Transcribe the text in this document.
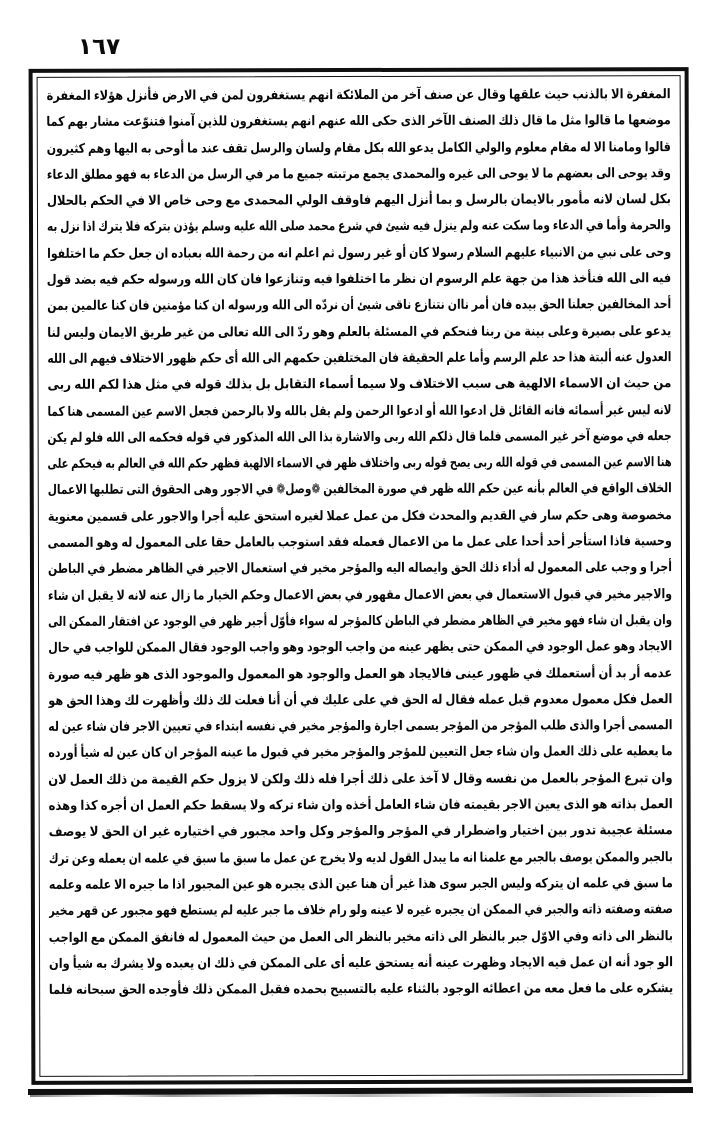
١٦٧
المغفرة الا بالذنب حيث علقها وقال عن صنف آخر من الملائكة انهم يستغفرون لمن في الارض فأنزل هؤلاء المغفرة
موضعها ما قالوا مثل ما قال ذلك الصنف الآخر الذى حكى الله عنهم انهم يستغفرون للذين آمنوا فتنوّعت مشار بهم كما
قالوا ومامنا الا له مقام معلوم والولي الكامل يدعو الله بكل مقام ولسان والرسل تقف عند ما أوحى به اليها وهم كثيرون
وقد يوحى الى بعضهم ما لا يوحى الى غيره والمحمدى يجمع مرتبته جميع ما مر في الرسل من الدعاء به فهو مطلق الدعاء
بكل لسان لانه مأمور بالايمان بالرسل و بما أنزل اليهم فاوقف الولي المحمدى مع وحى خاص الا في الحكم بالحلال
والحرمة وأما في الدعاء وما سكت عنه ولم ينزل فيه شيئ في شرع محمد صلى الله عليه وسلم يؤذن بتركه فلا يترك اذا نزل به
وحى على نبي من الانبياء عليهم السلام رسولا كان أو غير رسول ثم اعلم انه من رحمة الله بعباده ان جعل حكم ما اختلفوا
فيه الى الله فنأخذ هذا من جهة علم الرسوم ان نظر ما اختلفوا فيه وتنازعوا فان كان الله ورسوله حكم فيه بضد قول
أحد المخالفين جعلنا الحق بيده فان أمر ناان نتنازع ناقى شيئ أن نردّه الى الله ورسوله ان كنا مؤمنين فان كنا عالمين بمن
يدعو على بصيرة وعلى بينة من ربنا فنحكم في المسئلة بالعلم وهو ردّ الى الله تعالى من غير طريق الايمان وليس لنا
العدول عنه ألبتة هذا حد علم الرسم وأما علم الحقيقة فان المختلفين حكمهم الى الله أى حكم ظهور الاختلاف فيهم الى الله
من حيث ان الاسماء الالهية هى سبب الاختلاف ولا سيما أسماء التقابل بل بذلك قوله في مثل هذا لكم الله ربى
لانه ليس غير أسمائه فانه القائل قل ادعوا الله أو ادعوا الرحمن ولم يقل بالله ولا بالرحمن فجعل الاسم عين المسمى هنا كما
جعله في موضع آخر غير المسمى فلما قال ذلكم الله ربى والاشارة بذا الى الله المذكور في قوله فحكمه الى الله فلو لم يكن
هنا الاسم عين المسمى في قوله الله ربى يصح قوله ربى واختلاف ظهر في الاسماء الالهية فظهر حكم الله في العالم به فيحكم على
الخلاف الواقع في العالم بأنه عين حكم الله ظهر في صورة المخالفين ❁وصل❁ في الاجور وهى الحقوق التى تطلبها الاعمال
مخصوصة وهى حكم سار في القديم والمحدث فكل من عمل عملا لغيره استحق عليه أجرا والاجور على قسمين معنوية
وحسية فاذا استأجر أحد أحدا على عمل ما من الاعمال فعمله فقد استوجب بالعامل حقا على المعمول له وهو المسمى
أجرا و وجب على المعمول له أداء ذلك الحق وايصاله اليه والمؤجر مخير في استعمال الاجير في الظاهر مضطر في الباطن
والاجير مخير في قبول الاستعمال في بعض الاعمال مقهور في بعض الاعمال وحكم الخيار ما زال عنه لانه لا يقبل ان شاء
وان يقبل ان شاء فهو مخير في الظاهر مضطر في الباطن كالمؤجر له سواء فأوّل أجير ظهر في الوجود عن افتقار الممكن الى
الايجاد وهو عمل الوجود في الممكن حتى يظهر عينه من واجب الوجود وهو واجب الوجود فقال الممكن للواجب في حال
عدمه أر بد أن أستعملك في ظهور عينى فالايجاد هو العمل والوجود هو المعمول والموجود الذى هو ظهر فيه صورة
العمل فكل معمول معدوم قبل عمله فقال له الحق في على عليك في أن أنا فعلت لك ذلك وأظهرت لك وهذا الحق هو
المسمى أجرا والذى طلب المؤجر من المؤجر يسمى اجارة والمؤجر مخير في نفسه ابتداء في تعيين الاجر فان شاء عين له
ما يعطيه على ذلك العمل وان شاء جعل التعيين للمؤجر والمؤجر مخير في قبول ما عينه المؤجر ان كان عين له شيأ أورده
وان تبرع المؤجر بالعمل من نفسه وقال لا آخذ على ذلك أجرا فله ذلك ولكن لا يزول حكم القيمة من ذلك العمل لان
العمل بذاته هو الذى يعين الاجر بقيمته فان شاء العامل أخذه وان شاء تركه ولا يسقط حكم العمل ان أجره كذا وهذه
مسئلة عجيبة تدور بين اختيار واضطرار في المؤجر والمؤجر وكل واحد مجبور في اختياره غير ان الحق لا يوصف
بالجبر والممكن يوصف بالجبر مع علمنا انه ما يبدل القول لديه ولا يخرج عن عمل ما سبق ما سبق في علمه ان يعمله وعن ترك
ما سبق في علمه ان يتركه وليس الجبر سوى هذا غير أن هنا عين الذى يجبره هو عين المجبور اذا ما جبره الا علمه وعلمه
صفته وصفته ذاته والجبر في الممكن ان يجبره غيره لا عينه ولو رام خلاف ما جبر عليه لم يستطع فهو مجبور عن قهر مخير
بالنظر الى ذاته وفي الاوّل جبر بالنظر الى ذاته مخير بالنظر الى العمل من حيث المعمول له فانفق الممكن مع الواجب
الو جود أنه ان عمل فيه الايجاد وظهرت عينه أنه يستحق عليه أى على الممكن في ذلك ان يعبده ولا يشرك به شيأ وان
يشكره على ما فعل معه من اعطائه الوجود بالثناء عليه بالتسبيح بحمده فقبل الممكن ذلك فأوجده الحق سبحانه فلما
